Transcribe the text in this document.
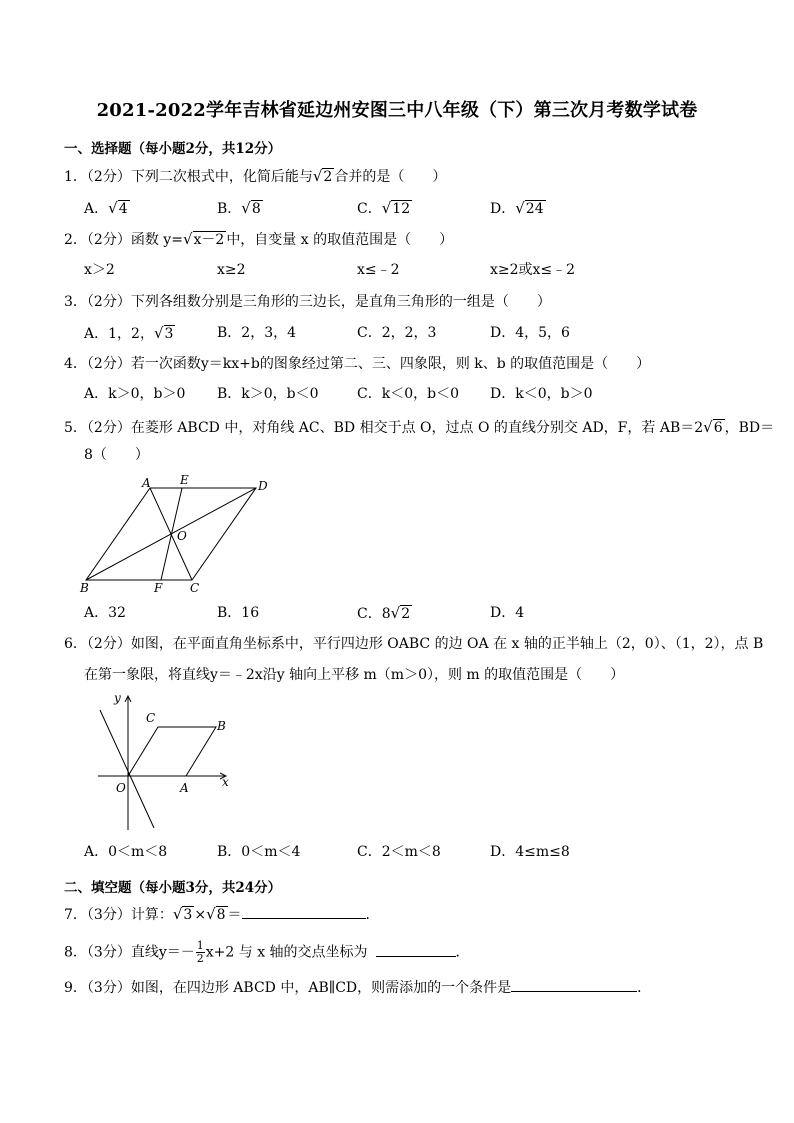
2021-2022学年吉林省延边州安图三中八年级（下）第三次月考数学试卷
一、选择题（每小题2分，共12分）
1．（2分）下列二次根式中，化简后能与√2 合并的是（　　）
A．√4	B．√8	C．√12	D．√24
2．（2分）函数 y=√x－2 中，自变量 x 的取值范围是（　　）
x＞2	x≥2	x≤﹣2	x≥2或x≤﹣2
3．（2分）下列各组数分别是三角形的三边长，是直角三角形的一组是（　　）
A．1，2，√3	B．2，3，4	C．2，2，3	D．4，5，6
4．（2分）若一次函数y＝kx+b的图象经过第二、三、四象限，则 k、b 的取值范围是（　　）
A．k＞0，b＞0 B．k＞0，b＜0	C．k＜0，b＜0 D．k＜0，b＞0
5．（2分）在菱形 ABCD 中，对角线 AC、BD 相交于点 O，过点 O 的直线分别交 AD，F，若 AB＝2√6 ，BD＝
8（　　）
A E	D
O
B	F C
A．32	B．16	C．8√2	D．4
6．（2分）如图，在平面直角坐标系中，平行四边形 OABC 的边 OA 在 x 轴的正半轴上（2，0）、（1，2），点 B
在第一象限，将直线y＝﹣2x沿y 轴向上平移 m（m＞0），则 m 的取值范围是（　　）
y
x
O	A
B
C
A．0＜m＜8	B．0＜m＜4	C．2＜m＜8	D．4≤m≤8
二、填空题（每小题3分，共24分）
7．（3分）计算：√3 ×√8 ＝	．
8．（3分）直线$y=- \frac{1}{2} x+2$ 与 x 轴的交点坐标为	．
9．（3分）如图，在四边形 ABCD 中，AB∥CD，则需添加的一个条件是	．
